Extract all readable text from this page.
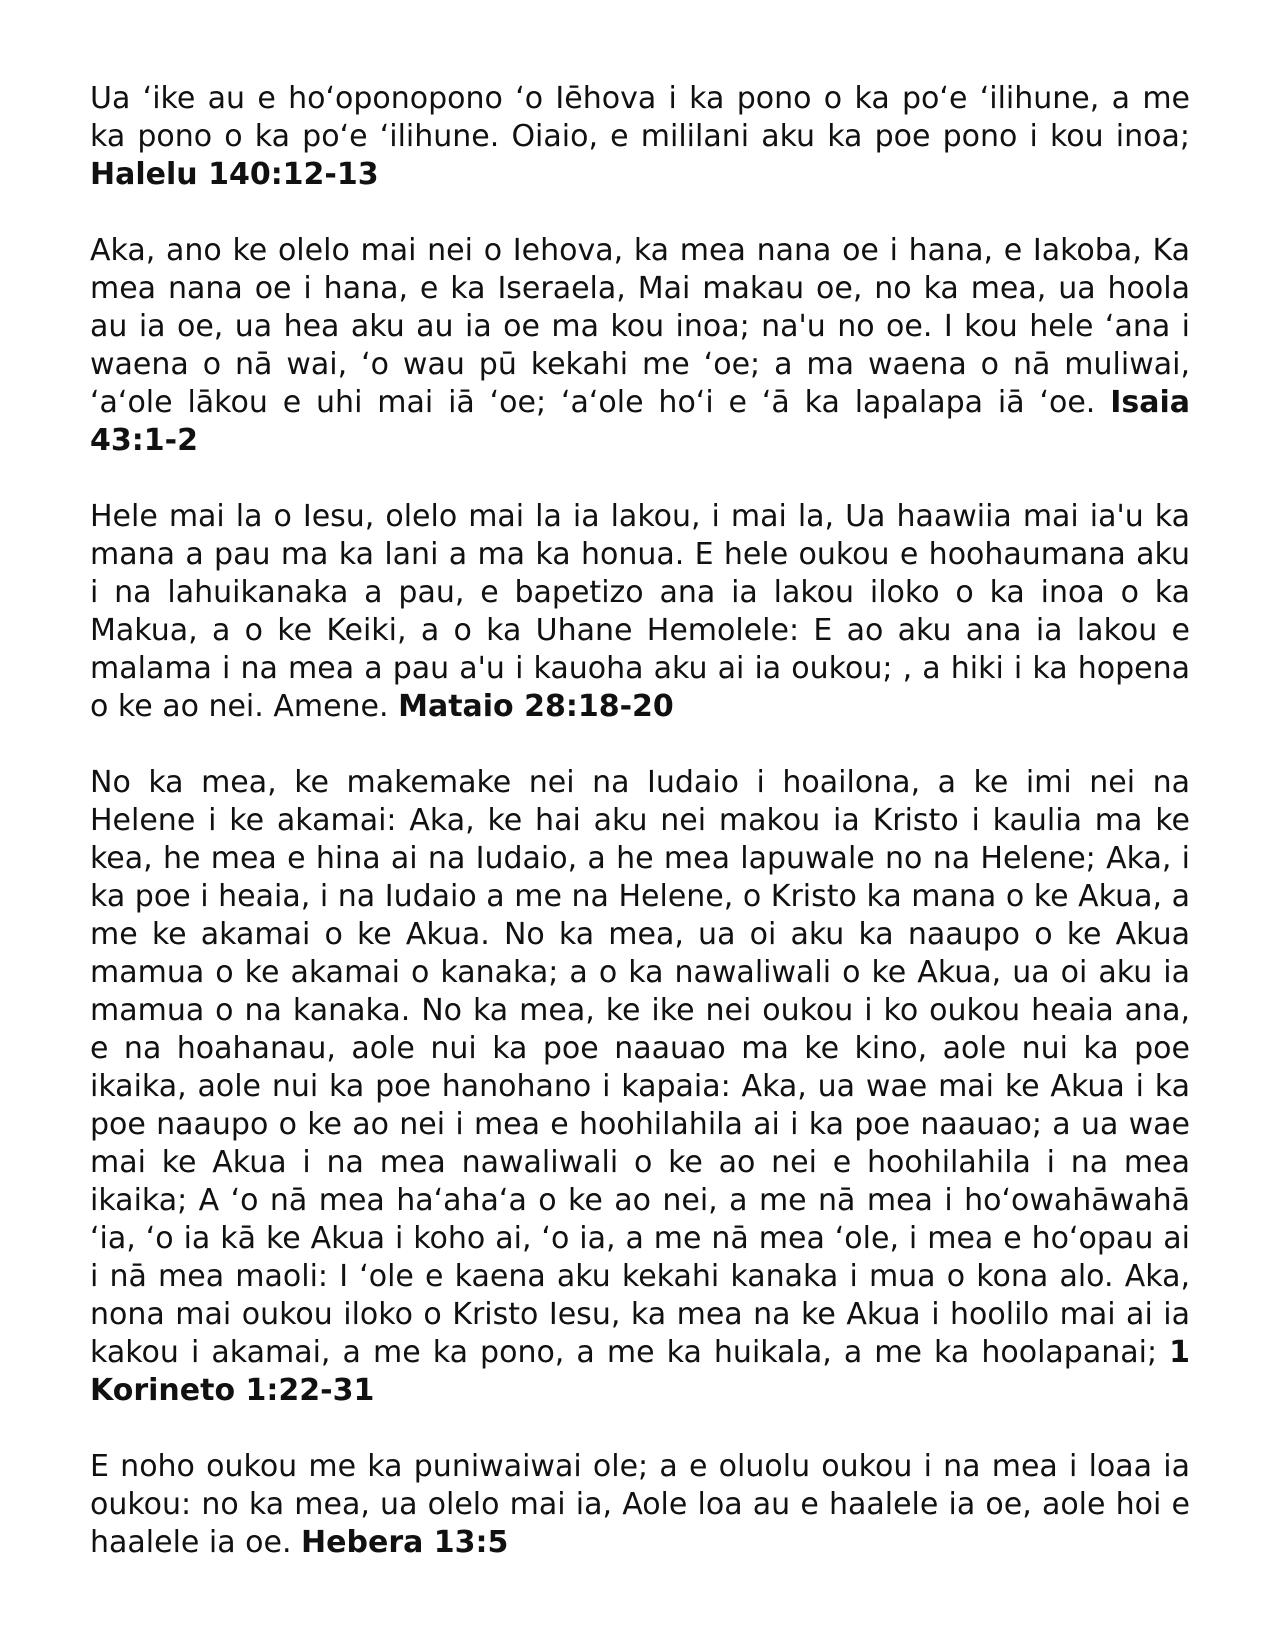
Ua ʻike au e hoʻoponopono ʻo Iēhova i ka pono o ka poʻe ʻilihune, a me ka pono o ka poʻe ʻilihune. Oiaio, e mililani aku ka poe pono i kou inoa; Halelu 140:12-13

Aka, ano ke olelo mai nei o Iehova, ka mea nana oe i hana, e Iakoba, Ka mea nana oe i hana, e ka Iseraela, Mai makau oe, no ka mea, ua hoola au ia oe, ua hea aku au ia oe ma kou inoa; na'u no oe. I kou hele ʻana i waena o nā wai, ʻo wau pū kekahi me ʻoe; a ma waena o nā muliwai, ʻaʻole lākou e uhi mai iā ʻoe; ʻaʻole hoʻi e ʻā ka lapalapa iā ʻoe. Isaia 43:1-2

Hele mai la o Iesu, olelo mai la ia lakou, i mai la, Ua haawiia mai ia'u ka mana a pau ma ka lani a ma ka honua. E hele oukou e hoohaumana aku i na lahuikanaka a pau, e bapetizo ana ia lakou iloko o ka inoa o ka Makua, a o ke Keiki, a o ka Uhane Hemolele: E ao aku ana ia lakou e malama i na mea a pau a'u i kauoha aku ai ia oukou; , a hiki i ka hopena o ke ao nei. Amene. Mataio 28:18-20

No ka mea, ke makemake nei na Iudaio i hoailona, a ke imi nei na Helene i ke akamai: Aka, ke hai aku nei makou ia Kristo i kaulia ma ke kea, he mea e hina ai na Iudaio, a he mea lapuwale no na Helene; Aka, i ka poe i heaia, i na Iudaio a me na Helene, o Kristo ka mana o ke Akua, a me ke akamai o ke Akua. No ka mea, ua oi aku ka naaupo o ke Akua mamua o ke akamai o kanaka; a o ka nawaliwali o ke Akua, ua oi aku ia mamua o na kanaka. No ka mea, ke ike nei oukou i ko oukou heaia ana, e na hoahanau, aole nui ka poe naauao ma ke kino, aole nui ka poe ikaika, aole nui ka poe hanohano i kapaia: Aka, ua wae mai ke Akua i ka poe naaupo o ke ao nei i mea e hoohilahila ai i ka poe naauao; a ua wae mai ke Akua i na mea nawaliwali o ke ao nei e hoohilahila i na mea ikaika; A ʻo nā mea haʻahaʻa o ke ao nei, a me nā mea i hoʻowahāwahā ʻia, ʻo ia kā ke Akua i koho ai, ʻo ia, a me nā mea ʻole, i mea e hoʻopau ai i nā mea maoli: I ʻole e kaena aku kekahi kanaka i mua o kona alo. Aka, nona mai oukou iloko o Kristo Iesu, ka mea na ke Akua i hoolilo mai ai ia kakou i akamai, a me ka pono, a me ka huikala, a me ka hoolapanai; 1 Korineto 1:22-31

E noho oukou me ka puniwaiwai ole; a e oluolu oukou i na mea i loaa ia oukou: no ka mea, ua olelo mai ia, Aole loa au e haalele ia oe, aole hoi e haalele ia oe. Hebera 13:5
